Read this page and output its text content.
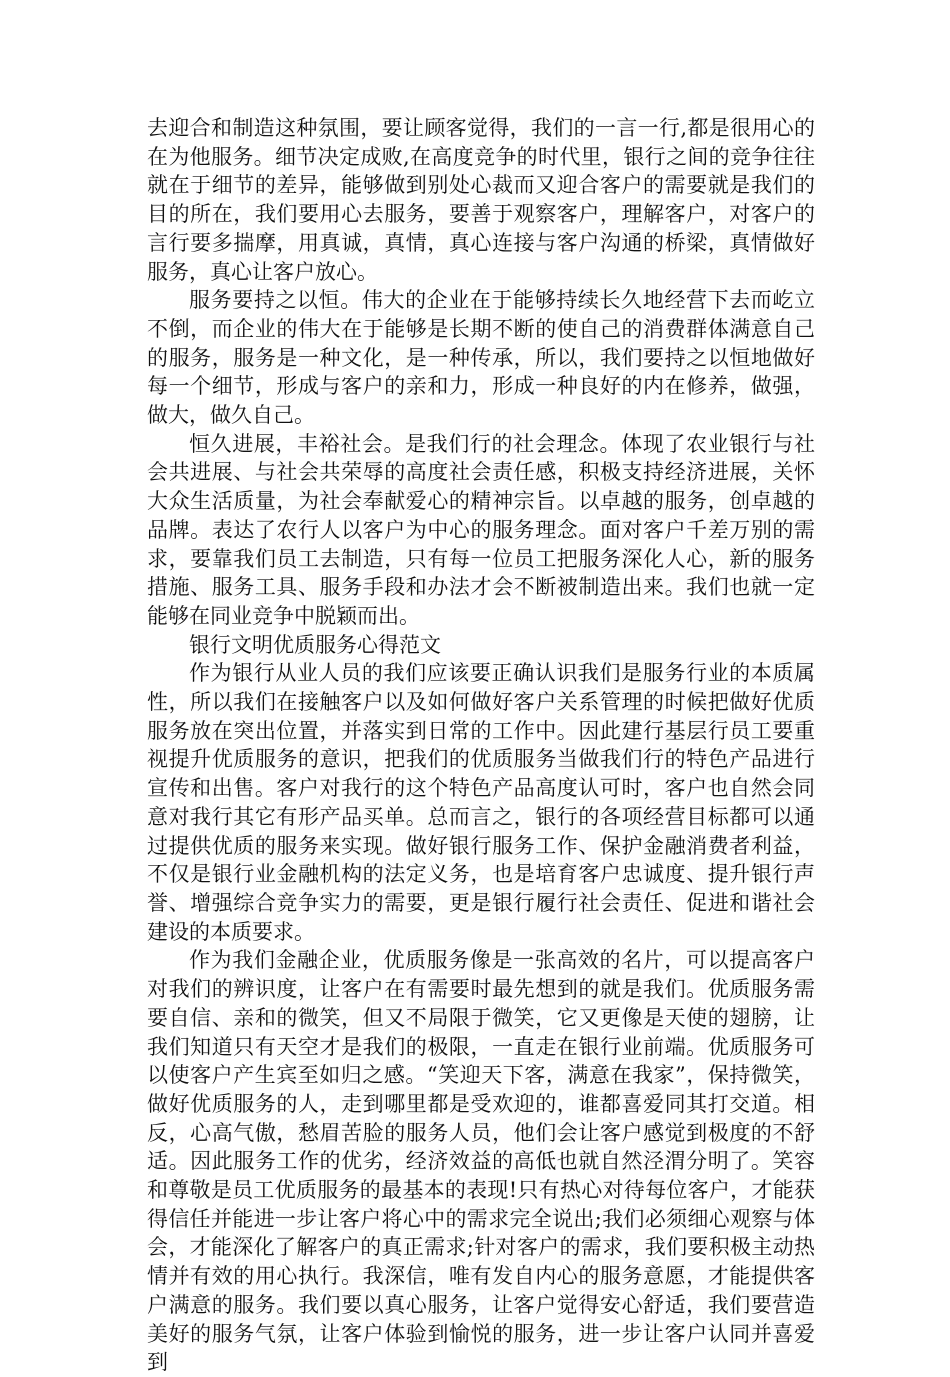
去迎合和制造这种氛围，要让顾客觉得，我们的一言一行,都是很用心的在为他服务。细节决定成败,在高度竞争的时代里，银行之间的竞争往往就在于细节的差异，能够做到别处心裁而又迎合客户的需要就是我们的目的所在，我们要用心去服务，要善于观察客户，理解客户，对客户的言行要多揣摩，用真诚，真情，真心连接与客户沟通的桥梁，真情做好服务，真心让客户放心。

服务要持之以恒。伟大的企业在于能够持续长久地经营下去而屹立不倒，而企业的伟大在于能够是长期不断的使自己的消费群体满意自己的服务，服务是一种文化，是一种传承，所以，我们要持之以恒地做好每一个细节，形成与客户的亲和力，形成一种良好的内在修养，做强，做大，做久自己。

恒久进展，丰裕社会。是我们行的社会理念。体现了农业银行与社会共进展、与社会共荣辱的高度社会责任感，积极支持经济进展，关怀大众生活质量，为社会奉献爱心的精神宗旨。以卓越的服务，创卓越的品牌。表达了农行人以客户为中心的服务理念。面对客户千差万别的需求，要靠我们员工去制造，只有每一位员工把服务深化人心，新的服务措施、服务工具、服务手段和办法才会不断被制造出来。我们也就一定能够在同业竞争中脱颖而出。

银行文明优质服务心得范文

作为银行从业人员的我们应该要正确认识我们是服务行业的本质属性，所以我们在接触客户以及如何做好客户关系管理的时候把做好优质服务放在突出位置，并落实到日常的工作中。因此建行基层行员工要重视提升优质服务的意识，把我们的优质服务当做我们行的特色产品进行宣传和出售。客户对我行的这个特色产品高度认可时，客户也自然会同意对我行其它有形产品买单。总而言之，银行的各项经营目标都可以通过提供优质的服务来实现。做好银行服务工作、保护金融消费者利益，不仅是银行业金融机构的法定义务，也是培育客户忠诚度、提升银行声誉、增强综合竞争实力的需要，更是银行履行社会责任、促进和谐社会建设的本质要求。

作为我们金融企业，优质服务像是一张高效的名片，可以提高客户对我们的辨识度，让客户在有需要时最先想到的就是我们。优质服务需要自信、亲和的微笑，但又不局限于微笑，它又更像是天使的翅膀，让我们知道只有天空才是我们的极限，一直走在银行业前端。优质服务可以使客户产生宾至如归之感。“笑迎天下客，满意在我家”，保持微笑，做好优质服务的人，走到哪里都是受欢迎的，谁都喜爱同其打交道。相反，心高气傲，愁眉苦脸的服务人员，他们会让客户感觉到极度的不舒适。因此服务工作的优劣，经济效益的高低也就自然泾渭分明了。笑容和尊敬是员工优质服务的最基本的表现!只有热心对待每位客户，才能获得信任并能进一步让客户将心中的需求完全说出;我们必须细心观察与体会，才能深化了解客户的真正需求;针对客户的需求，我们要积极主动热情并有效的用心执行。我深信，唯有发自内心的服务意愿，才能提供客户满意的服务。我们要以真心服务，让客户觉得安心舒适，我们要营造美好的服务气氛，让客户体验到愉悦的服务，进一步让客户认同并喜爱到
